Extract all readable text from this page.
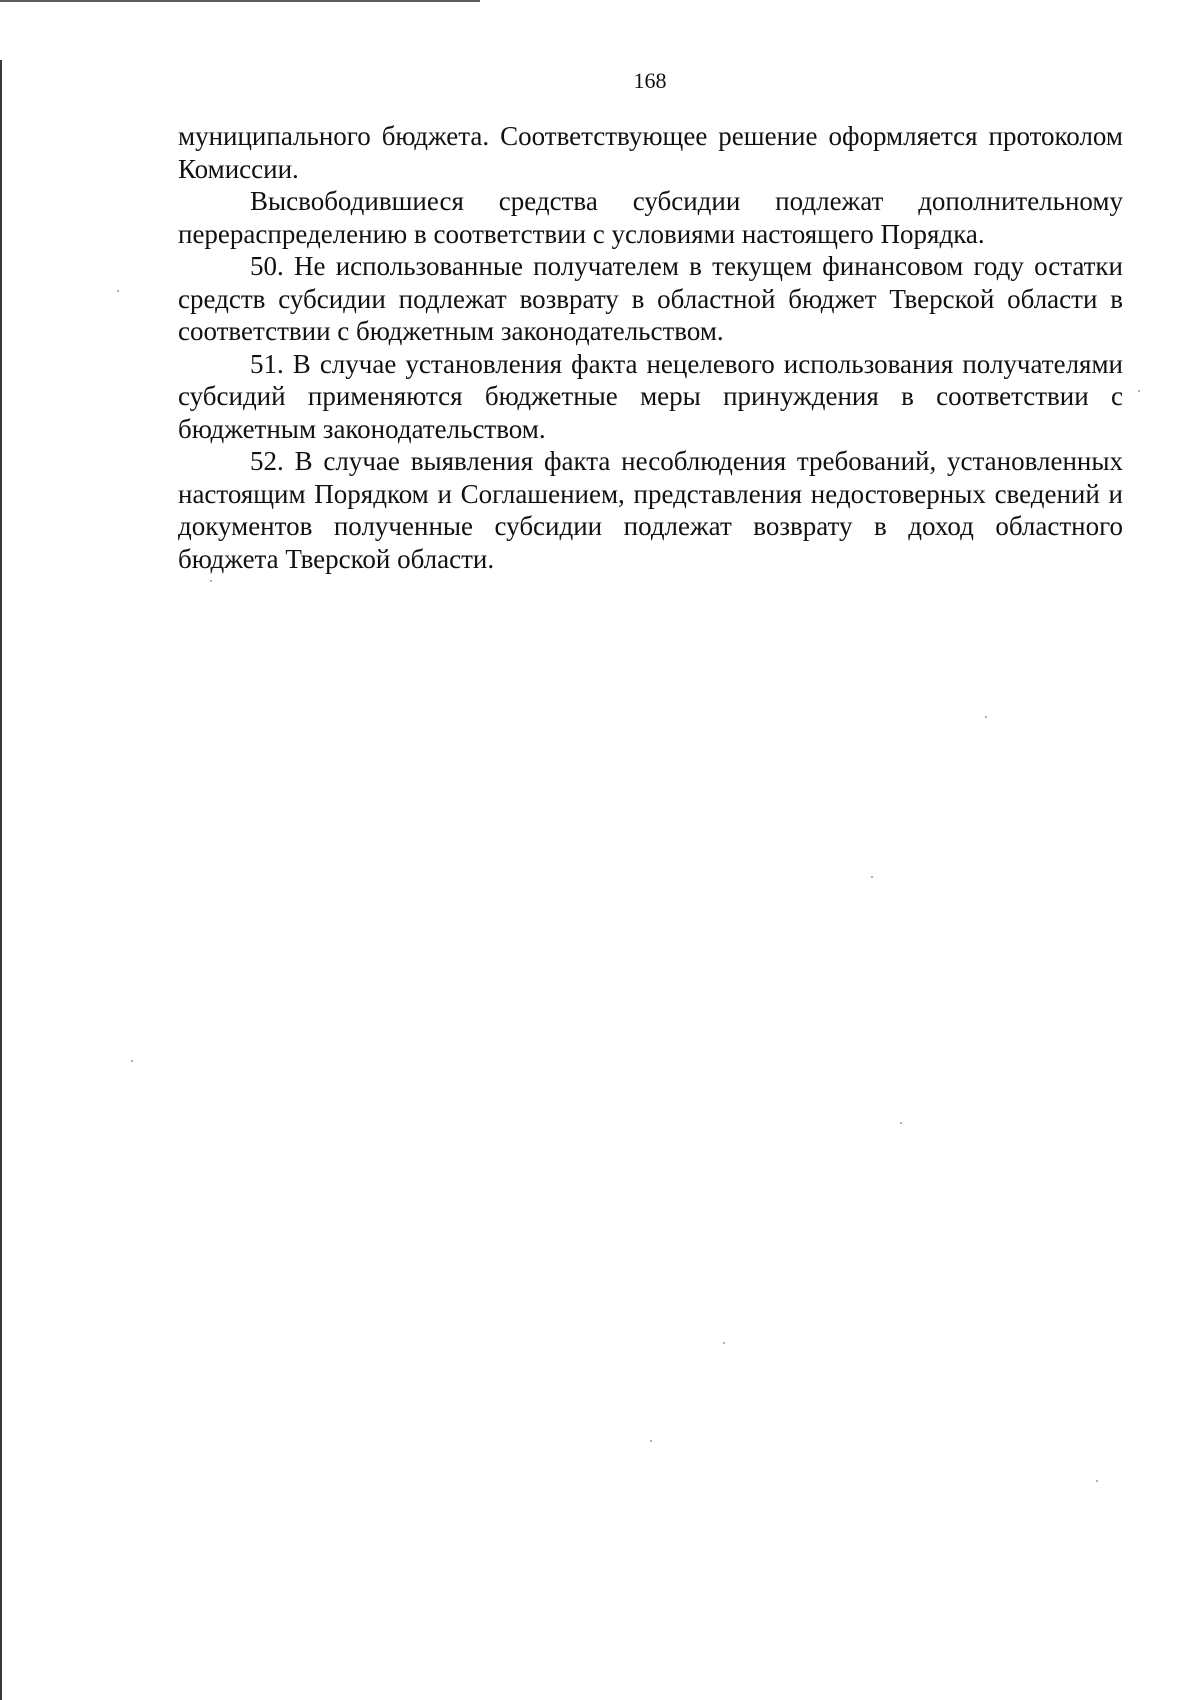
168

муниципального бюджета. Соответствующее решение оформляется протоколом Комиссии.

Высвободившиеся средства субсидии подлежат дополнительному перераспределению в соответствии с условиями настоящего Порядка.

50. Не использованные получателем в текущем финансовом году остатки средств субсидии подлежат возврату в областной бюджет Тверской области в соответствии с бюджетным законодательством.

51. В случае установления факта нецелевого использования получателями субсидий применяются бюджетные меры принуждения в соответствии с бюджетным законодательством.

52. В случае выявления факта несоблюдения требований, установленных настоящим Порядком и Соглашением, представления недостоверных сведений и документов полученные субсидии подлежат возврату в доход областного бюджета Тверской области.
